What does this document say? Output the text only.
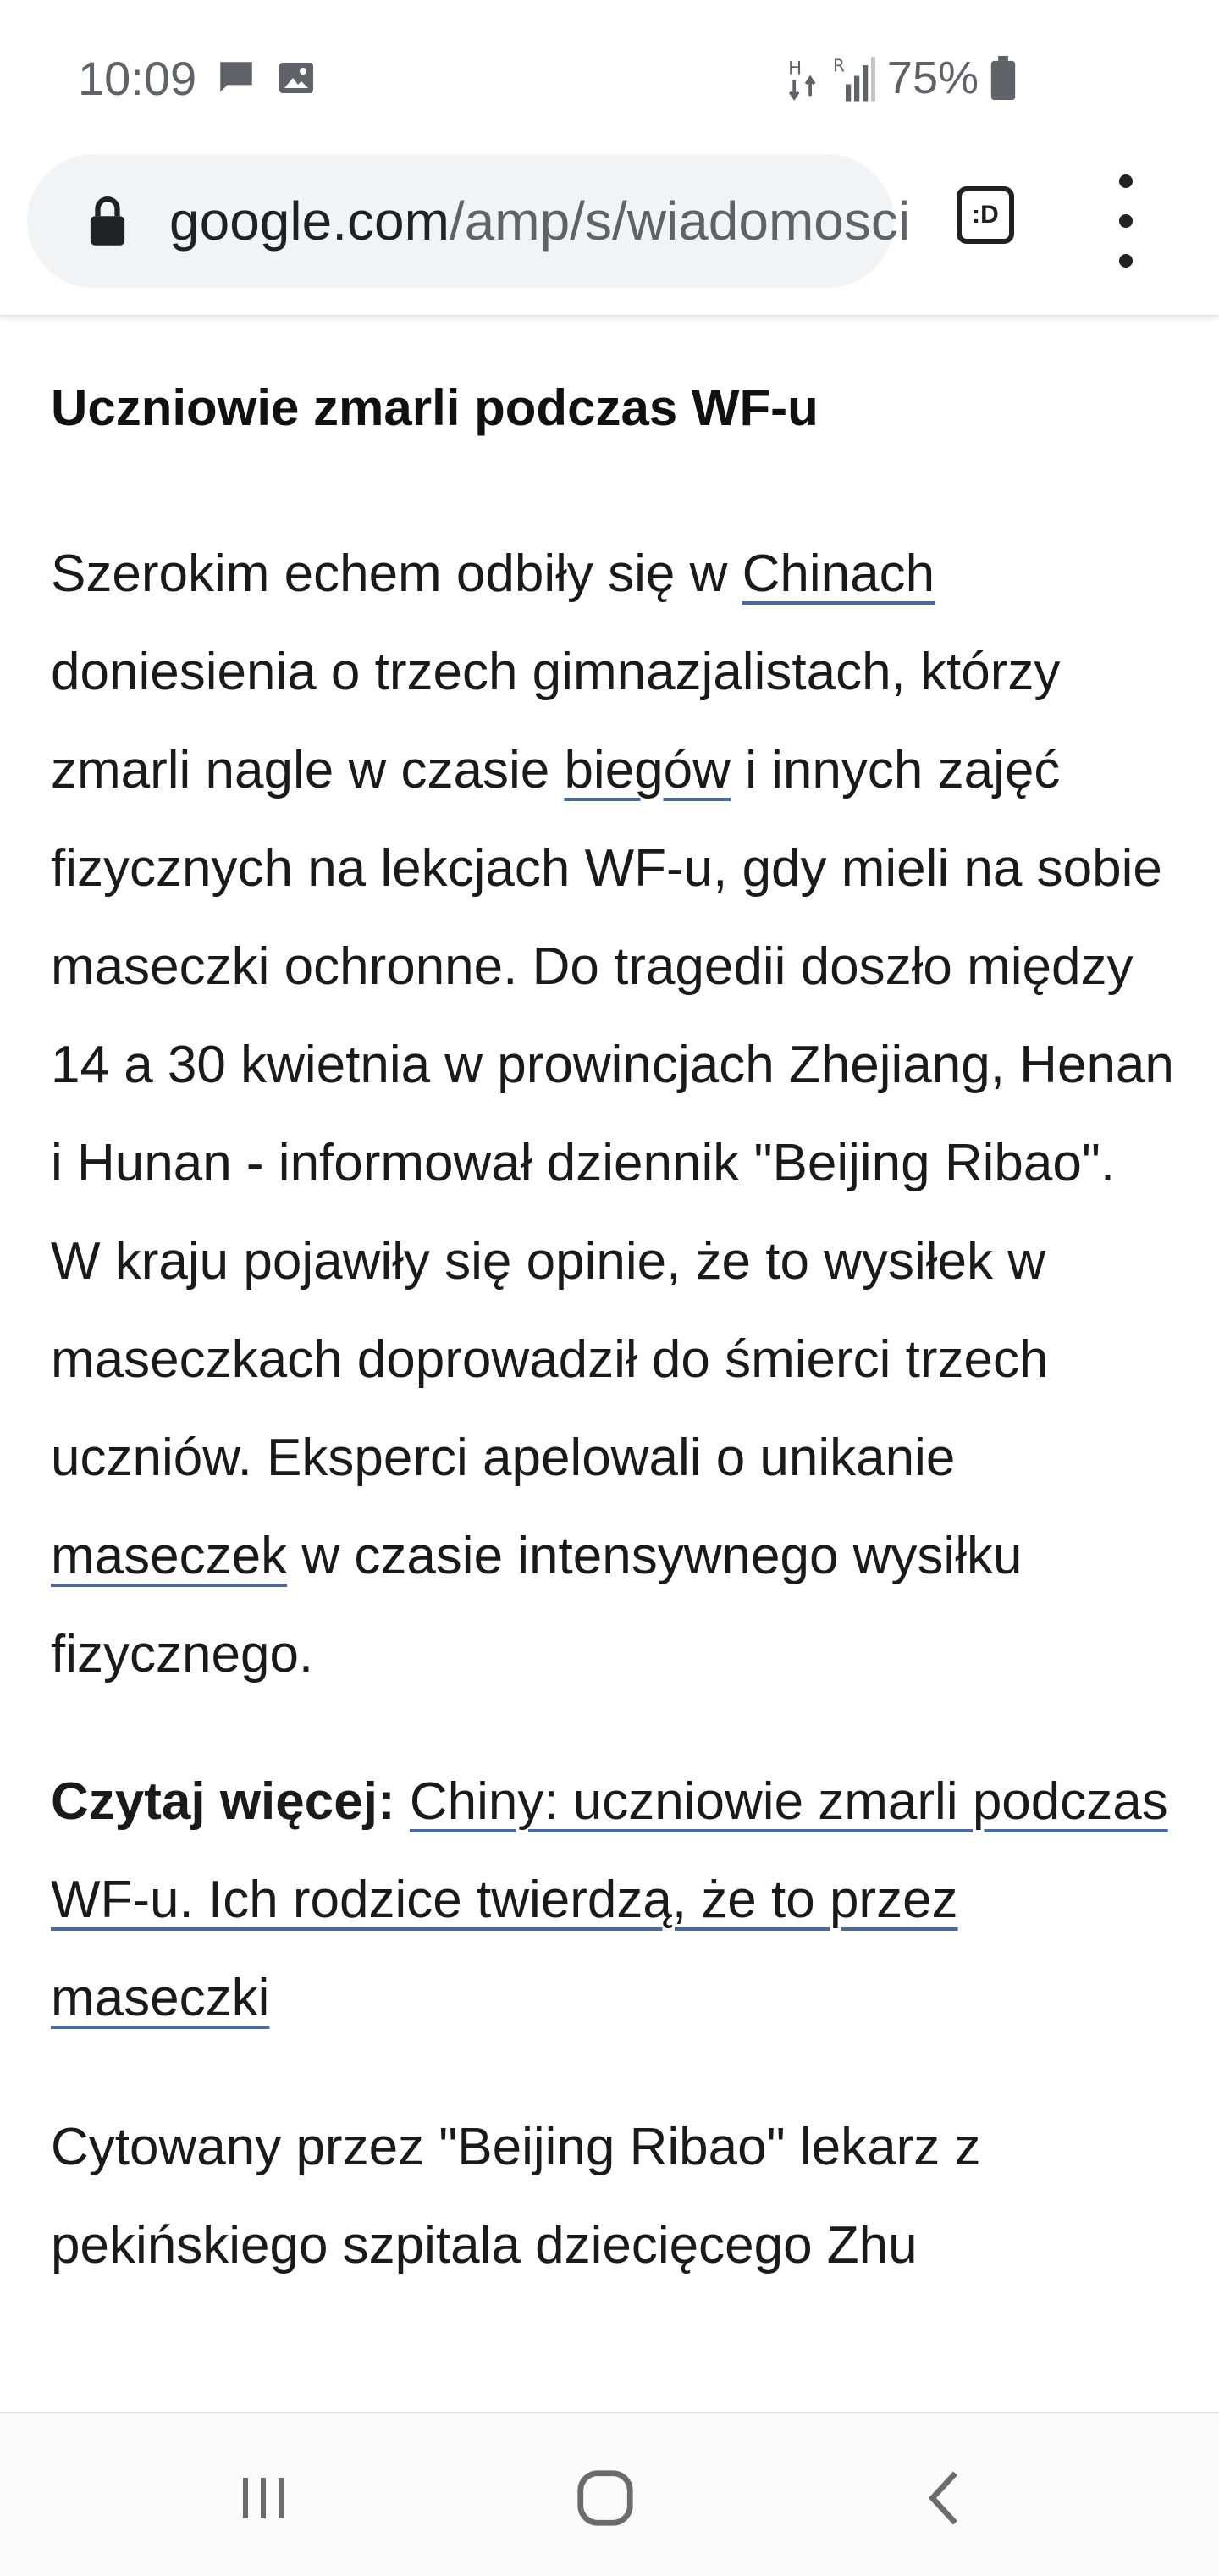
10:09	H	R 75%
google.com/amp/s/wiadomosci :D
Uczniowie zmarli podczas WF-u

Szerokim echem odbiły się w Chinach doniesienia o trzech gimnazjalistach, którzy zmarli nagle w czasie biegów i innych zajęć fizycznych na lekcjach WF-u, gdy mieli na sobie maseczki ochronne. Do tragedii doszło między 14 a 30 kwietnia w prowincjach Zhejiang, Henan i Hunan - informował dziennik "Beijing Ribao". W kraju pojawiły się opinie, że to wysiłek w maseczkach doprowadził do śmierci trzech uczniów. Eksperci apelowali o unikanie maseczek w czasie intensywnego wysiłku fizycznego.

Czytaj więcej: Chiny: uczniowie zmarli podczas WF-u. Ich rodzice twierdzą, że to przez maseczki

Cytowany przez "Beijing Ribao" lekarz z pekińskiego szpitala dziecięcego Zhu
